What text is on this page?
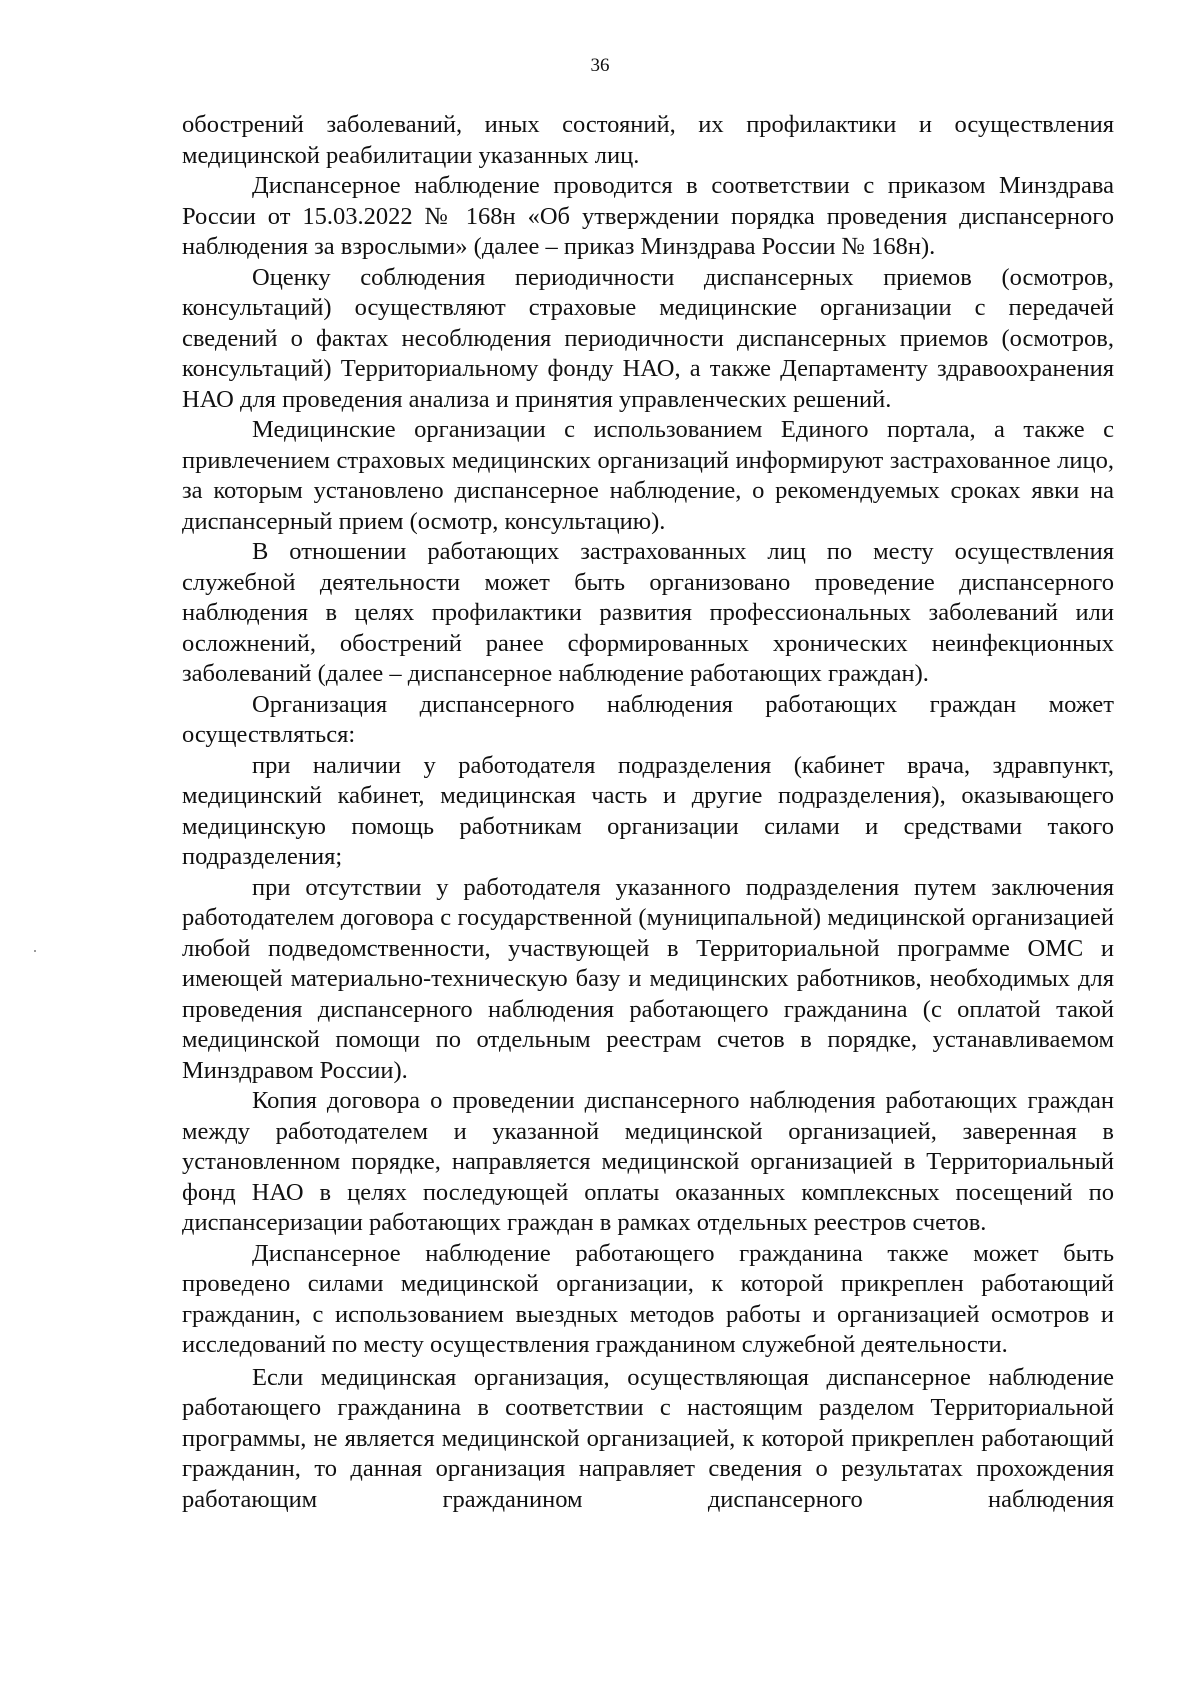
36

обострений заболеваний, иных состояний, их профилактики и осуществления медицинской реабилитации указанных лиц.

Диспансерное наблюдение проводится в соответствии с приказом Минздрава России от 15.03.2022 № 168н «Об утверждении порядка проведения диспансерного наблюдения за взрослыми» (далее – приказ Минздрава России № 168н).

Оценку соблюдения периодичности диспансерных приемов (осмотров, консультаций) осуществляют страховые медицинские организации с передачей сведений о фактах несоблюдения периодичности диспансерных приемов (осмотров, консультаций) Территориальному фонду НАО, а также Департаменту здравоохранения НАО для проведения анализа и принятия управленческих решений.

Медицинские организации с использованием Единого портала, а также с привлечением страховых медицинских организаций информируют застрахованное лицо, за которым установлено диспансерное наблюдение, о рекомендуемых сроках явки на диспансерный прием (осмотр, консультацию).

В отношении работающих застрахованных лиц по месту осуществления служебной деятельности может быть организовано проведение диспансерного наблюдения в целях профилактики развития профессиональных заболеваний или осложнений, обострений ранее сформированных хронических неинфекционных заболеваний (далее – диспансерное наблюдение работающих граждан).

Организация диспансерного наблюдения работающих граждан может осуществляться:

при наличии у работодателя подразделения (кабинет врача, здравпункт, медицинский кабинет, медицинская часть и другие подразделения), оказывающего медицинскую помощь работникам организации силами и средствами такого подразделения;

при отсутствии у работодателя указанного подразделения путем заключения работодателем договора с государственной (муниципальной) медицинской организацией любой подведомственности, участвующей в Территориальной программе ОМС и имеющей материально-техническую базу и медицинских работников, необходимых для проведения диспансерного наблюдения работающего гражданина (с оплатой такой медицинской помощи по отдельным реестрам счетов в порядке, устанавливаемом Минздравом России).

Копия договора о проведении диспансерного наблюдения работающих граждан между работодателем и указанной медицинской организацией, заверенная в установленном порядке, направляется медицинской организацией в Территориальный фонд НАО в целях последующей оплаты оказанных комплексных посещений по диспансеризации работающих граждан в рамках отдельных реестров счетов.

Диспансерное наблюдение работающего гражданина также может быть проведено силами медицинской организации, к которой прикреплен работающий гражданин, с использованием выездных методов работы и организацией осмотров и исследований по месту осуществления гражданином служебной деятельности.

Если медицинская организация, осуществляющая диспансерное наблюдение работающего гражданина в соответствии с настоящим разделом Территориальной программы, не является медицинской организацией, к которой прикреплен работающий гражданин, то данная организация направляет сведения о результатах прохождения работающим гражданином диспансерного наблюдения
